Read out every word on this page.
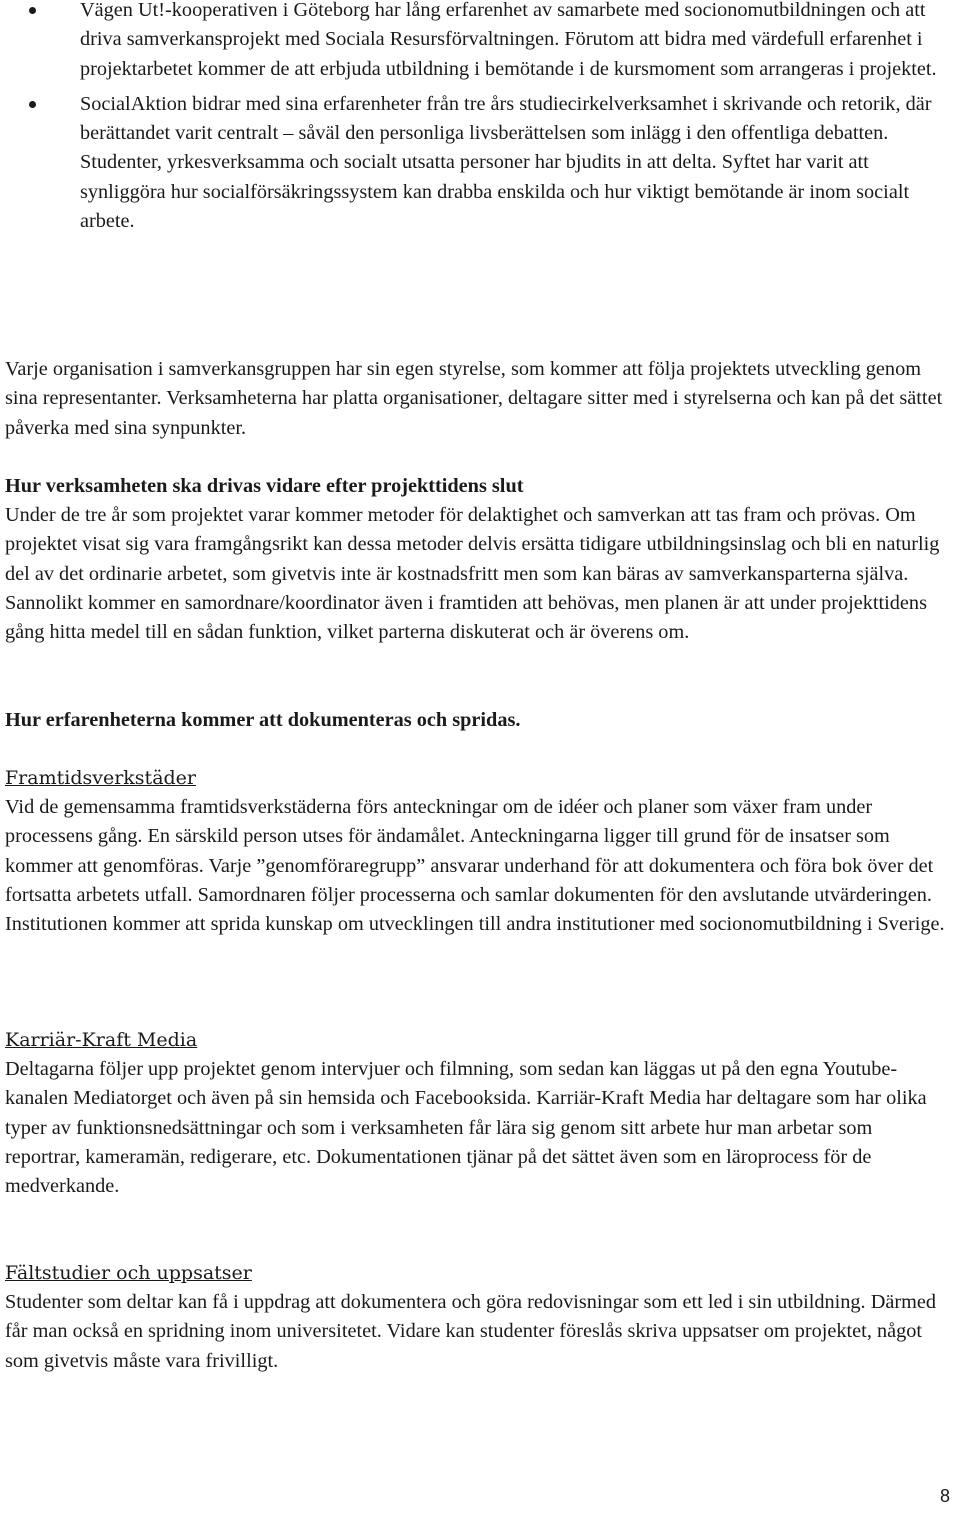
Vägen Ut!-kooperativen i Göteborg har lång erfarenhet av samarbete med socionomutbildningen och att driva samverkansprojekt med Sociala Resursförvaltningen. Förutom att bidra med värdefull erfarenhet i projektarbetet kommer de att erbjuda utbildning i bemötande i de kursmoment som arrangeras i projektet.
SocialAktion bidrar med sina erfarenheter från tre års studiecirkelverksamhet i skrivande och retorik, där berättandet varit centralt – såväl den personliga livsberättelsen som inlägg i den offentliga debatten. Studenter, yrkesverksamma och socialt utsatta personer har bjudits in att delta. Syftet har varit att synliggöra hur socialförsäkringssystem kan drabba enskilda och hur viktigt bemötande är inom socialt arbete.

Varje organisation i samverkansgruppen har sin egen styrelse, som kommer att följa projektets utveckling genom sina representanter. Verksamheterna har platta organisationer, deltagare sitter med i styrelserna och kan på det sättet påverka med sina synpunkter.

Hur verksamheten ska drivas vidare efter projekttidens slut

Under de tre år som projektet varar kommer metoder för delaktighet och samverkan att tas fram och prövas. Om projektet visat sig vara framgångsrikt kan dessa metoder delvis ersätta tidigare utbildningsinslag och bli en naturlig del av det ordinarie arbetet, som givetvis inte är kostnadsfritt men som kan bäras av samverkansparterna själva. Sannolikt kommer en samordnare/koordinator även i framtiden att behövas, men planen är att under projekttidens gång hitta medel till en sådan funktion, vilket parterna diskuterat och är överens om.

Hur erfarenheterna kommer att dokumenteras och spridas.

Framtidsverkstäder

Vid de gemensamma framtidsverkstäderna förs anteckningar om de idéer och planer som växer fram under processens gång. En särskild person utses för ändamålet. Anteckningarna ligger till grund för de insatser som kommer att genomföras. Varje ”genomföraregrupp” ansvarar underhand för att dokumentera och föra bok över det fortsatta arbetets utfall. Samordnaren följer processerna och samlar dokumenten för den avslutande utvärderingen. Institutionen kommer att sprida kunskap om utvecklingen till andra institutioner med socionomutbildning i Sverige.

Karriär-Kraft Media

Deltagarna följer upp projektet genom intervjuer och filmning, som sedan kan läggas ut på den egna Youtube-kanalen Mediatorget och även på sin hemsida och Facebooksida. Karriär-Kraft Media har deltagare som har olika typer av funktionsnedsättningar och som i verksamheten får lära sig genom sitt arbete hur man arbetar som reportrar, kameramän, redigerare, etc. Dokumentationen tjänar på det sättet även som en läroprocess för de medverkande.

Fältstudier och uppsatser

Studenter som deltar kan få i uppdrag att dokumentera och göra redovisningar som ett led i sin utbildning. Därmed får man också en spridning inom universitetet. Vidare kan studenter föreslås skriva uppsatser om projektet, något som givetvis måste vara frivilligt.

8
